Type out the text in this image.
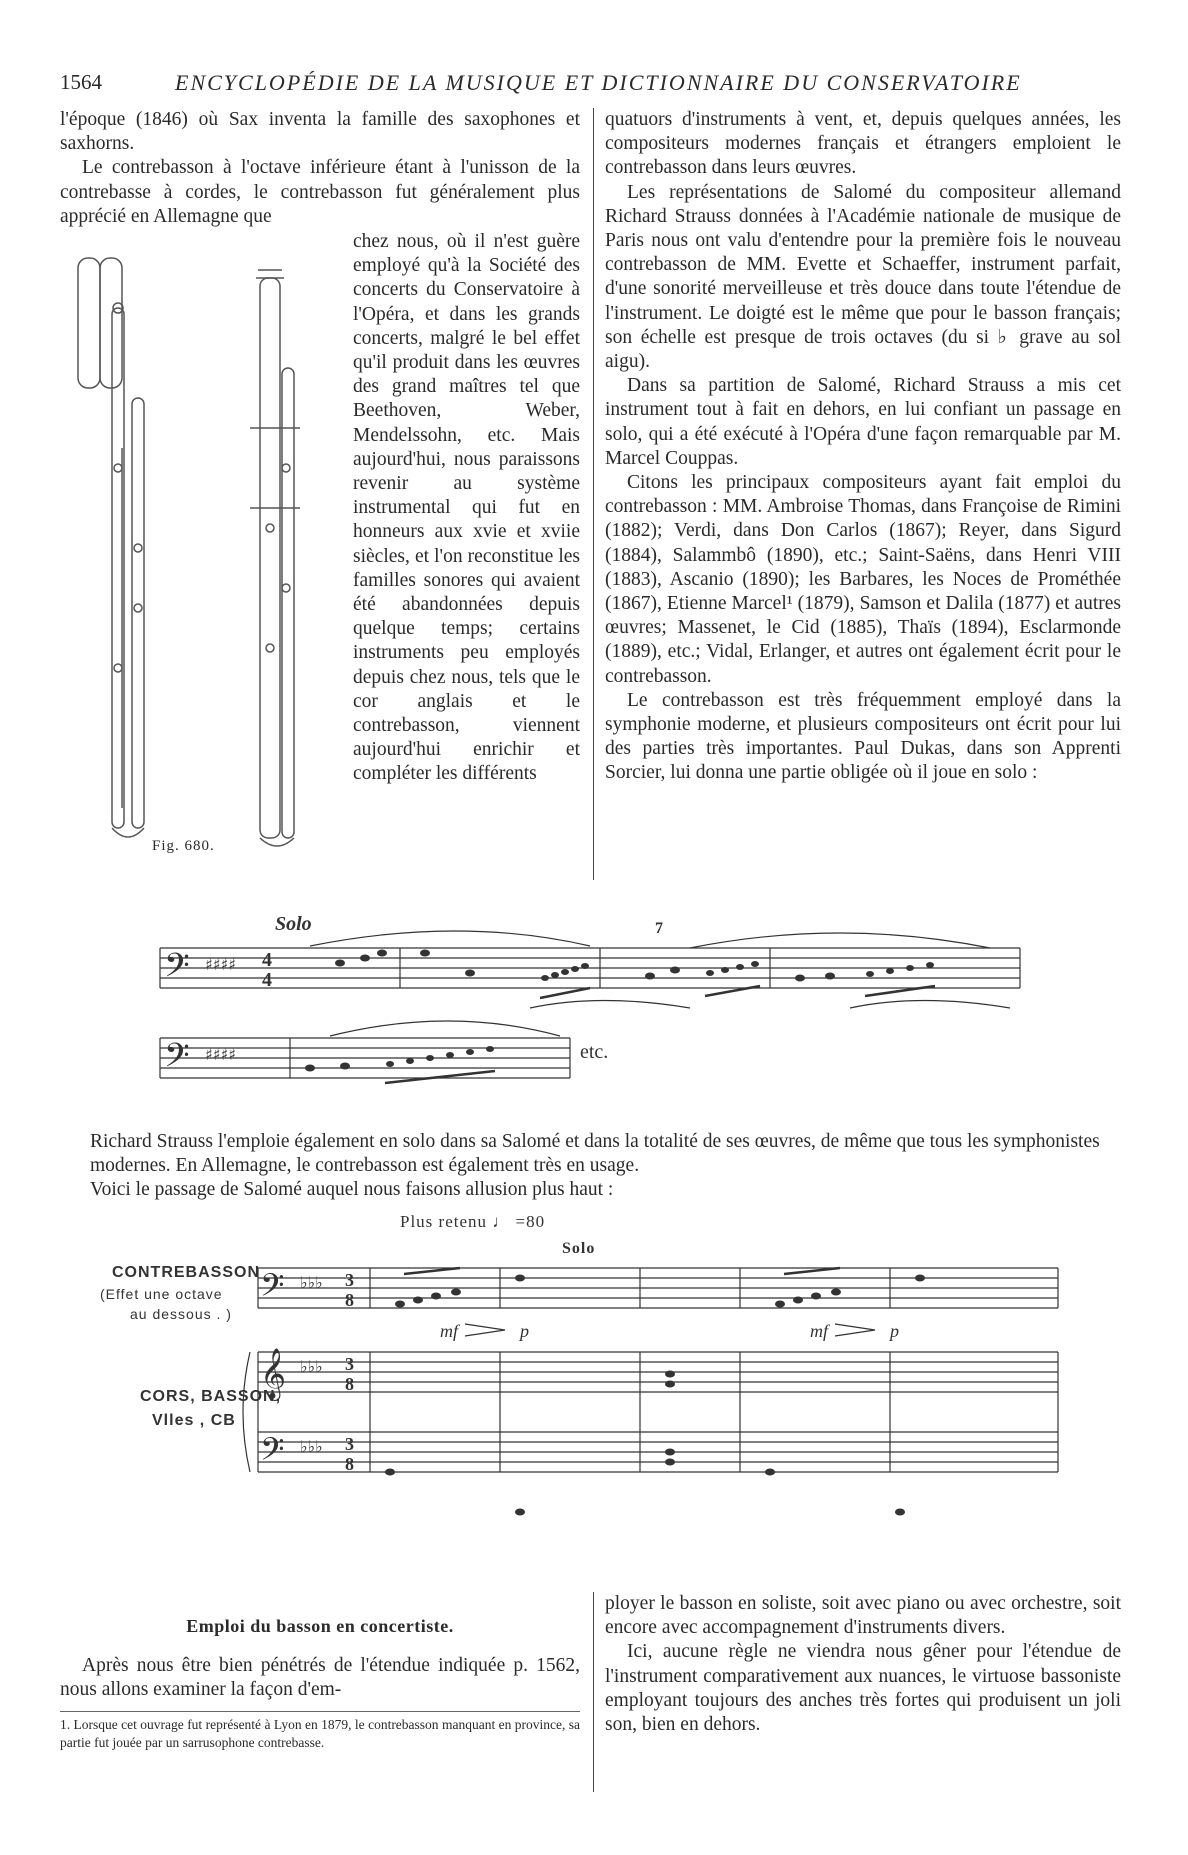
1564	ENCYCLOPÉDIE DE LA MUSIQUE ET DICTIONNAIRE DU CONSERVATOIRE

l'époque (1846) où Sax inventa la famille des saxophones et saxhorns.

Le contrebasson à l'octave inférieure étant à l'unisson de la contrebasse à cordes, le contrebasson fut généralement plus apprécié en Allemagne que

chez nous, où il n'est guère employé qu'à la Société des concerts du Conservatoire à l'Opéra, et dans les grands concerts, malgré le bel effet qu'il produit dans les œuvres des grand maîtres tel que Beethoven, Weber, Mendelssohn, etc. Mais aujourd'hui, nous paraissons revenir au système instrumental qui fut en honneurs aux xvie et xviie siècles, et l'on reconstitue les familles sonores qui avaient été abandonnées depuis quelque temps; certains instruments peu employés depuis chez nous, tels que le cor anglais et le contrebasson, viennent aujourd'hui enrichir et compléter les différents
Fig. 680.

quatuors d'instruments à vent, et, depuis quelques années, les compositeurs modernes français et étrangers emploient le contrebasson dans leurs œuvres.

Les représentations de Salomé du compositeur allemand Richard Strauss données à l'Académie nationale de musique de Paris nous ont valu d'entendre pour la première fois le nouveau contrebasson de MM. Evette et Schaeffer, instrument parfait, d'une sonorité merveilleuse et très douce dans toute l'étendue de l'instrument. Le doigté est le même que pour le basson français; son échelle est presque de trois octaves (du si ♭ grave au sol aigu).

Dans sa partition de Salomé, Richard Strauss a mis cet instrument tout à fait en dehors, en lui confiant un passage en solo, qui a été exécuté à l'Opéra d'une façon remarquable par M. Marcel Couppas.

Citons les principaux compositeurs ayant fait emploi du contrebasson : MM. Ambroise Thomas, dans Françoise de Rimini (1882); Verdi, dans Don Carlos (1867); Reyer, dans Sigurd (1884), Salammbô (1890), etc.; Saint-Saëns, dans Henri VIII (1883), Ascanio (1890); les Barbares, les Noces de Prométhée (1867), Etienne Marcel¹ (1879), Samson et Dalila (1877) et autres œuvres; Massenet, le Cid (1885), Thaïs (1894), Esclarmonde (1889), etc.; Vidal, Erlanger, et autres ont également écrit pour le contrebasson.

Le contrebasson est très fréquemment employé dans la symphonie moderne, et plusieurs compositeurs ont écrit pour lui des parties très importantes. Paul Dukas, dans son Apprenti Sorcier, lui donna une partie obligée où il joue en solo :

𝄢
𝄢
♯♯♯♯
♯♯♯♯
Solo
4
4
7
etc.

Richard Strauss l'emploie également en solo dans sa Salomé et dans la totalité de ses œuvres, de même que tous les symphonistes modernes. En Allemagne, le contrebasson est également très en usage.

Voici le passage de Salomé auquel nous faisons allusion plus haut :

Plus retenu ♩ =80
Solo
CONTREBASSON
(Effet une octave
au dessous . )
CORS, BASSON,
Vlles , CB
𝄢
𝄞
𝄢
♭♭♭
♭♭♭
♭♭♭
3
8
3
8
3
8
mf	p	mf	p
Emploi du basson en concertiste.

Après nous être bien pénétrés de l'étendue indiquée p. 1562, nous allons examiner la façon d'em-

1. Lorsque cet ouvrage fut représenté à Lyon en 1879, le contrebasson manquant en province, sa partie fut jouée par un sarrusophone contrebasse.

ployer le basson en soliste, soit avec piano ou avec orchestre, soit encore avec accompagnement d'instruments divers.

Ici, aucune règle ne viendra nous gêner pour l'étendue de l'instrument comparativement aux nuances, le virtuose bassoniste employant toujours des anches très fortes qui produisent un joli son, bien en dehors.
